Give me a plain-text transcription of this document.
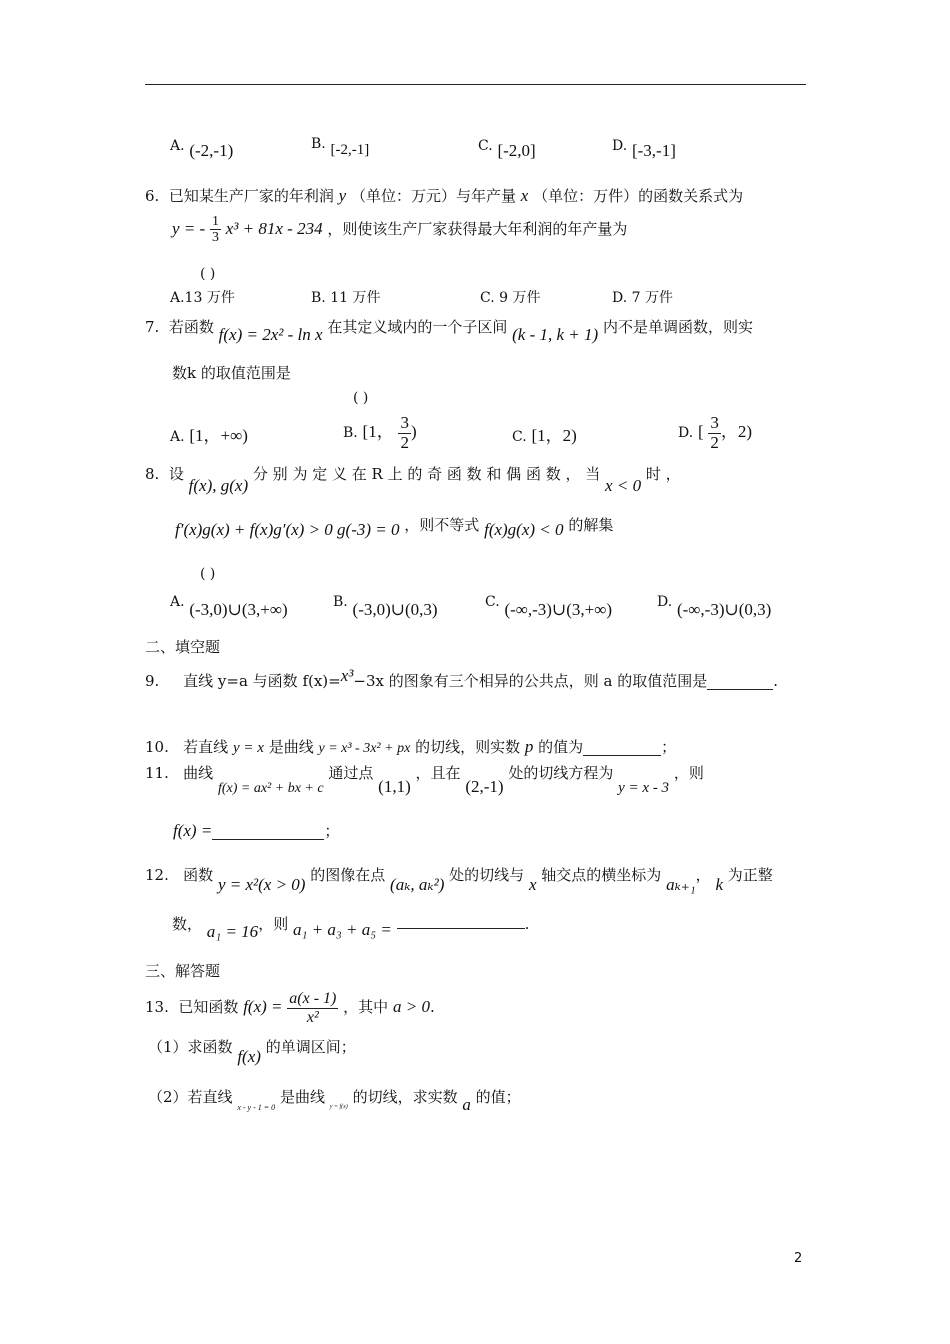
A. (-2,-1)	B. [-2,-1]	C. [-2,0]	D. [-3,-1]
6. 已知某生产厂家的年利润 y （单位：万元）与年产量 x （单位：万件）的函数关系式为
y = - $\frac{1}{3} x^3 + 81x - 234$ ，则使该生产厂家获得最大年利润的年产量为
( )
A.13 万件	B. 11 万件	C. 9 万件	D. 7 万件
7. 若函数 f(x) = 2x² - ln x 在其定义域内的一个子区间 (k - 1, k + 1) 内不是单调函数，则实
数k 的取值范围是
( )
A. [1，+∞)	B. [1， $\frac{3}{2}$ )	C. [1，2)	D. [ $\frac{3}{2}$ ，2)
8. 设 f(x), g(x) 分 别 为 定 义 在 R 上 的 奇 函 数 和 偶 函 数 ， 当 x < 0 时 ，
f′(x)g(x) + f(x)g′(x) > 0 g(-3) = 0 ，则不等式 f(x)g(x) < 0 的解集
( )
A. (-3,0)∪(3,+∞)	B. (-3,0)∪(0,3)	C. (-∞,-3)∪(3,+∞)	D. (-∞,-3)∪(0,3)
二、填空题
9. 直线 y=a 与函数 f(x)=x³−3x 的图象有三个相异的公共点，则 a 的取值范围是	.
10. 若直线 y = x 是曲线 y = x³ - 3x² + px 的切线，则实数 p 的值为	；
11. 曲线 f(x) = ax² + bx + c 通过点 (1,1) ，且在 (2,-1) 处的切线方程为 y = x - 3 ，则
f(x) =	；
12. 函数 y = x²(x > 0) 的图像在点 (aₖ, aₖ²) 处的切线与 x 轴交点的横坐标为 aₖ₊₁， k 为正整
数， a₁ = 16，则 a₁ + a₃ + a₅ =	.
三、解答题
13. 已知函数 $f(x) = \frac{a(x - 1)}{\text{x²}}$ ，其中 a > 0.
（1）求函数 f(x) 的单调区间；
（2）若直线 $_{x - y - 1 = 0}$ 是曲线 $_{y = f(x)}$ 的切线，求实数 a 的值；
2
